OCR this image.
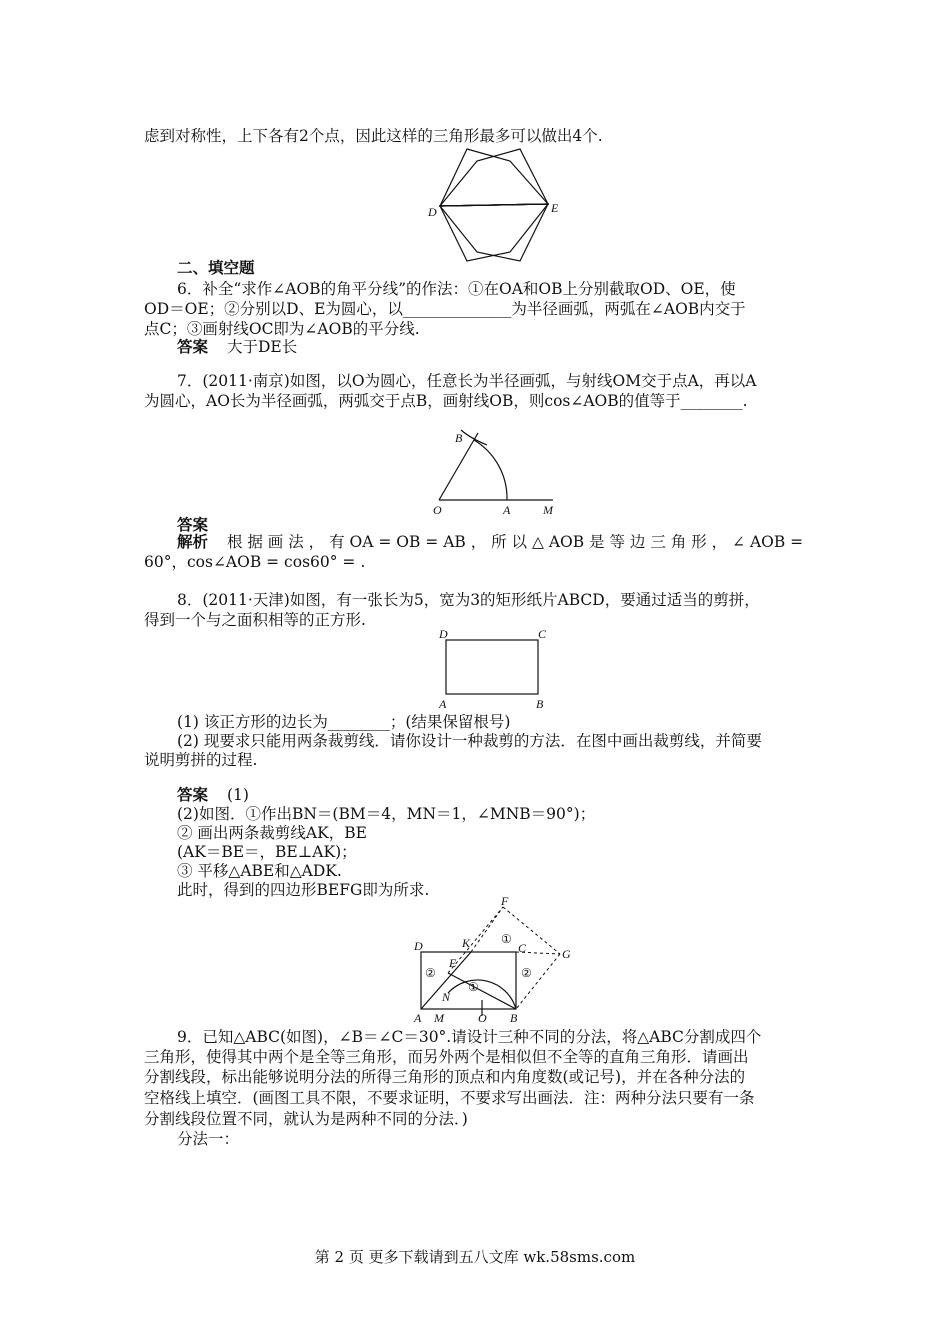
虑到对称性，上下各有2个点，因此这样的三角形最多可以做出4个.
D	E
二、填空题
6．补全“求作∠AOB的角平分线”的作法：①在OA和OB上分别截取OD、OE，使
OD＝OE；②分别以D、E为圆心，以______________为半径画弧，两弧在∠AOB内交于
点C；③画射线OC即为∠AOB的平分线.
答案 大于DE长
7．(2011·南京)如图，以O为圆心，任意长为半径画弧，与射线OM交于点A，再以A
为圆心，AO长为半径画弧，两弧交于点B，画射线OB，则cos∠AOB的值等于________.
B
O	A	M
答案
解析 根 据 画 法 ， 有 OA = OB = AB ， 所 以 △ AOB 是 等 边 三 角 形 ， ∠ AOB =
60°，cos∠AOB = cos60° = .
8．(2011·天津)如图，有一张长为5，宽为3的矩形纸片ABCD，要通过适当的剪拼，
得到一个与之面积相等的正方形.
D	C
A	B
(1) 该正方形的边长为________；(结果保留根号)
(2) 现要求只能用两条裁剪线．请你设计一种裁剪的方法．在图中画出裁剪线，并简要
说明剪拼的过程.
答案 (1)
(2)如图．①作出BN＝(BM＝4，MN＝1，∠MNB＝90°)；
② 画出两条裁剪线AK，BE
(AK＝BE＝，BE⊥AK)；
③ 平移△ABE和△ADK.
此时，得到的四边形BEFG即为所求.
F
G
D	K	C
E
N
A M	O B
①
②
①
②
9．已知△ABC(如图)，∠B＝∠C＝30°.请设计三种不同的分法，将△ABC分割成四个
三角形，使得其中两个是全等三角形，而另外两个是相似但不全等的直角三角形．请画出
分割线段，标出能够说明分法的所得三角形的顶点和内角度数(或记号)，并在各种分法的
空格线上填空．(画图工具不限，不要求证明，不要求写出画法．注：两种分法只要有一条
分割线段位置不同，就认为是两种不同的分法．)
分法一：
第 2 页 更多下载请到五八文库 wk.58sms.com
